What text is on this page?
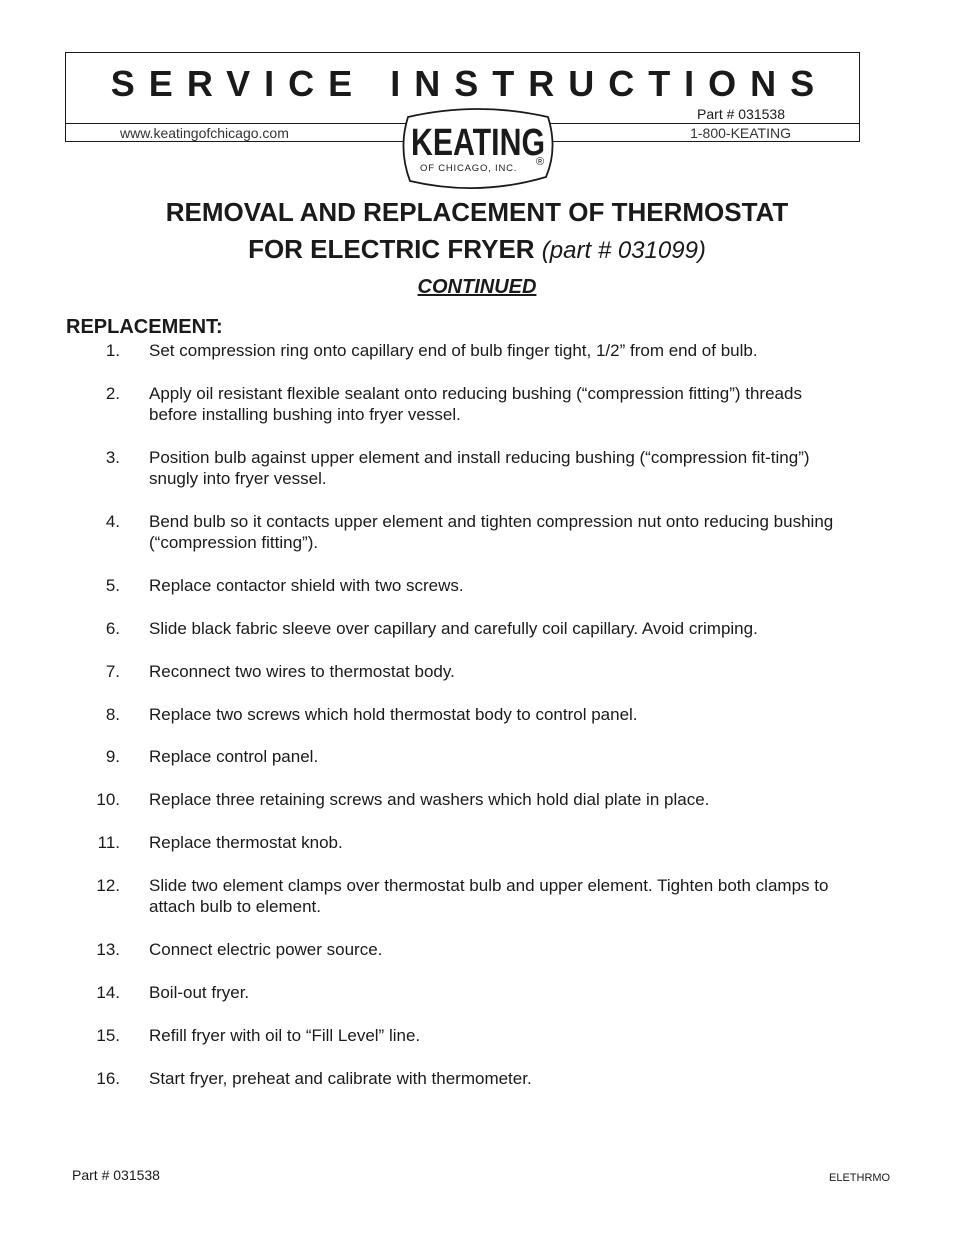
SERVICE INSTRUCTIONS
Part # 031538
www.keatingofchicago.com	1-800-KEATING
KEATING
OF CHICAGO, INC.
®
REMOVAL AND REPLACEMENT OF THERMOSTAT
FOR ELECTRIC FRYER (part # 031099)
CONTINUED
REPLACEMENT:
1. Set compression ring onto capillary end of bulb finger tight, 1/2” from end of bulb.
2. Apply oil resistant flexible sealant onto reducing bushing (“compression fitting”) threads before installing bushing into fryer vessel.
3. Position bulb against upper element and install reducing bushing (“compression fit-ting”) snugly into fryer vessel.
4. Bend bulb so it contacts upper element and tighten compression nut onto reducing bushing (“compression fitting”).
5. Replace contactor shield with two screws.
6. Slide black fabric sleeve over capillary and carefully coil capillary. Avoid crimping.
7. Reconnect two wires to thermostat body.
8. Replace two screws which hold thermostat body to control panel.
9. Replace control panel.
10. Replace three retaining screws and washers which hold dial plate in place.
11. Replace thermostat knob.
12. Slide two element clamps over thermostat bulb and upper element. Tighten both clamps to attach bulb to element.
13. Connect electric power source.
14. Boil-out fryer.
15. Refill fryer with oil to “Fill Level” line.
16. Start fryer, preheat and calibrate with thermometer.
Part # 031538	ELETHRMO
